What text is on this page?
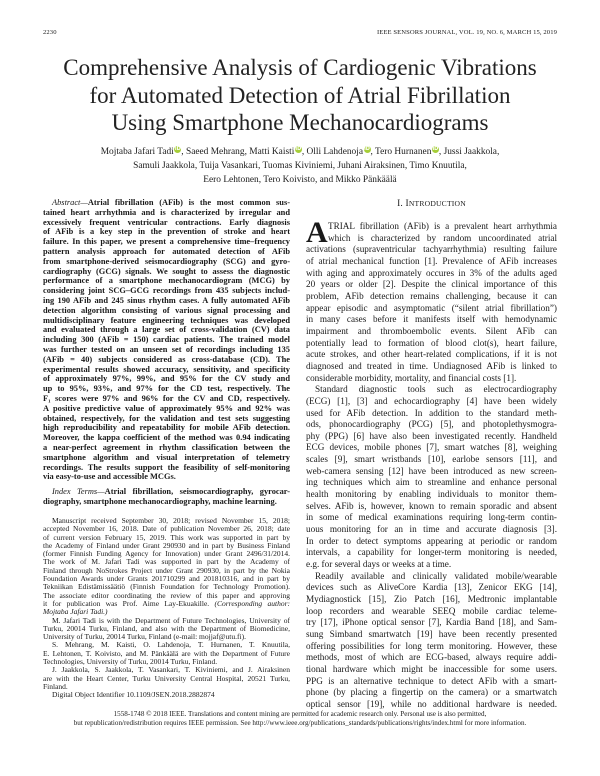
2230	IEEE SENSORS JOURNAL, VOL. 19, NO. 6, MARCH 15, 2019
Comprehensive Analysis of Cardiogenic Vibrations
for Automated Detection of Atrial Fibrillation
Using Smartphone Mechanocardiograms
Mojtaba Jafari TadiiD, Saeed Mehrang, Matti KaistiiD, Olli LahdenojaiD, Tero HurnaneniD, Jussi Jaakkola,
Samuli Jaakkola, Tuija Vasankari, Tuomas Kiviniemi, Juhani Airaksinen, Timo Knuutila,
Eero Lehtonen, Tero Koivisto, and Mikko Pänkäälä
Abstract—Atrial fibrillation (AFib) is the most common sus-
tained heart arrhythmia and is characterized by irregular and
excessively frequent ventricular contractions. Early diagnosis
of AFib is a key step in the prevention of stroke and heart
failure. In this paper, we present a comprehensive time–frequency
pattern analysis approach for automated detection of AFib
from smartphone-derived seismocardiography (SCG) and gyro-
cardiography (GCG) signals. We sought to assess the diagnostic
performance of a smartphone mechanocardiogram (MCG) by
considering joint SCG–GCG recordings from 435 subjects includ-
ing 190 AFib and 245 sinus rhythm cases. A fully automated AFib
detection algorithm consisting of various signal processing and
multidisciplinary feature engineering techniques was developed
and evaluated through a large set of cross-validation (CV) data
including 300 (AFib = 150) cardiac patients. The trained model
was further tested on an unseen set of recordings including 135
(AFib = 40) subjects considered as cross-database (CD). The
experimental results showed accuracy, sensitivity, and specificity
of approximately 97%, 99%, and 95% for the CV study and
up to 95%, 93%, and 97% for the CD test, respectively. The
F₁ scores were 97% and 96% for the CV and CD, respectively.
A positive predictive value of approximately 95% and 92% was
obtained, respectively, for the validation and test sets suggesting
high reproducibility and repeatability for mobile AFib detection.
Moreover, the kappa coefficient of the method was 0.94 indicating
a near-perfect agreement in rhythm classification between the
smartphone algorithm and visual interpretation of telemetry
recordings. The results support the feasibility of self-monitoring
via easy-to-use and accessible MCGs.
Index Terms—Atrial fibrillation, seismocardiography, gyrocar-
diography, smartphone mechanocardiography, machine learning.
Manuscript received September 30, 2018; revised November 15, 2018;
accepted November 16, 2018. Date of publication November 26, 2018; date
of current version February 15, 2019. This work was supported in part by
the Academy of Finland under Grant 290930 and in part by Business Finland
(former Finnish Funding Agency for Innovation) under Grant 2496/31/2014.
The work of M. Jafari Tadi was supported in part by the Academy of
Finland through NoStrokes Project under Grant 290930, in part by the Nokia
Foundation Awards under Grants 201710299 and 201810316, and in part by
Tekniikan Edistämissäätiö (Finnish Foundation for Technology Promotion).
The associate editor coordinating the review of this paper and approving
it for publication was Prof. Aime Lay-Ekuakille. (Corresponding author:
Mojtaba Jafari Tadi.)
M. Jafari Tadi is with the Department of Future Technologies, University of
Turku, 20014 Turku, Finland, and also with the Department of Biomedicine,
University of Turku, 20014 Turku, Finland (e-mail: mojjaf@utu.fi).
S. Mehrang, M. Kaisti, O. Lahdenoja, T. Hurnanen, T. Knuutila,
E. Lehtonen, T. Koivisto, and M. Pänkäälä are with the Department of Future
Technologies, University of Turku, 20014 Turku, Finland.
J. Jaakkola, S. Jaakkola, T. Vasankari, T. Kiviniemi, and J. Airaksinen
are with the Heart Center, Turku University Central Hospital, 20521 Turku,
Finland.
Digital Object Identifier 10.1109/JSEN.2018.2882874
I. INTRODUCTION
A TRIAL fibrillation (AFib) is a prevalent heart arrhythmia
which is characterized by random uncoordinated atrial
activations (supraventricular tachyarrhythmia) resulting failure
of atrial mechanical function [1]. Prevalence of AFib increases
with aging and approximately occures in 3% of the adults aged
20 years or older [2]. Despite the clinical importance of this
problem, AFib detection remains challenging, because it can
appear episodic and asymptomatic (“silent atrial fibrillation”)
in many cases before it manifests itself with hemodynamic
impairment and thromboembolic events. Silent AFib can
potentially lead to formation of blood clot(s), heart failure,
acute strokes, and other heart-related complications, if it is not
diagnosed and treated in time. Undiagnosed AFib is linked to
considerable morbidity, mortality, and financial costs [1].
Standard diagnostic tools such as electrocardiography
(ECG) [1], [3] and echocardiography [4] have been widely
used for AFib detection. In addition to the standard meth-
ods, phonocardiography (PCG) [5], and photoplethysmogra-
phy (PPG) [6] have also been investigated recently. Handheld
ECG devices, mobile phones [7], smart watches [8], weighing
scales [9], smart wristbands [10], earlobe sensors [11], and
web-camera sensing [12] have been introduced as new screen-
ing techniques which aim to streamline and enhance personal
health monitoring by enabling individuals to monitor them-
selves. AFib is, however, known to remain sporadic and absent
in some of medical examinations requiring long-term contin-
uous monitoring for an in time and accurate diagnosis [3].
In order to detect symptoms appearing at periodic or random
intervals, a capability for longer-term monitoring is needed,
e.g. for several days or weeks at a time.
Readily available and clinically validated mobile/wearable
devices such as AliveCore Kardia [13], Zenicor EKG [14],
Mydiagnostick [15], Zio Patch [16], Medtronic implantable
loop recorders and wearable SEEQ mobile cardiac teleme-
try [17], iPhone optical sensor [7], Kardia Band [18], and Sam-
sung Simband smartwatch [19] have been recently presented
offering possibilities for long term monitoring. However, these
methods, most of which are ECG-based, always require addi-
tional hardware which might be inaccessible for some users.
PPG is an alternative technique to detect AFib with a smart-
phone (by placing a fingertip on the camera) or a smartwatch
optical sensor [19], while no additional hardware is needed.
1558-1748 © 2018 IEEE. Translations and content mining are permitted for academic research only. Personal use is also permitted,
but republication/redistribution requires IEEE permission. See http://www.ieee.org/publications_standards/publications/rights/index.html for more information.
